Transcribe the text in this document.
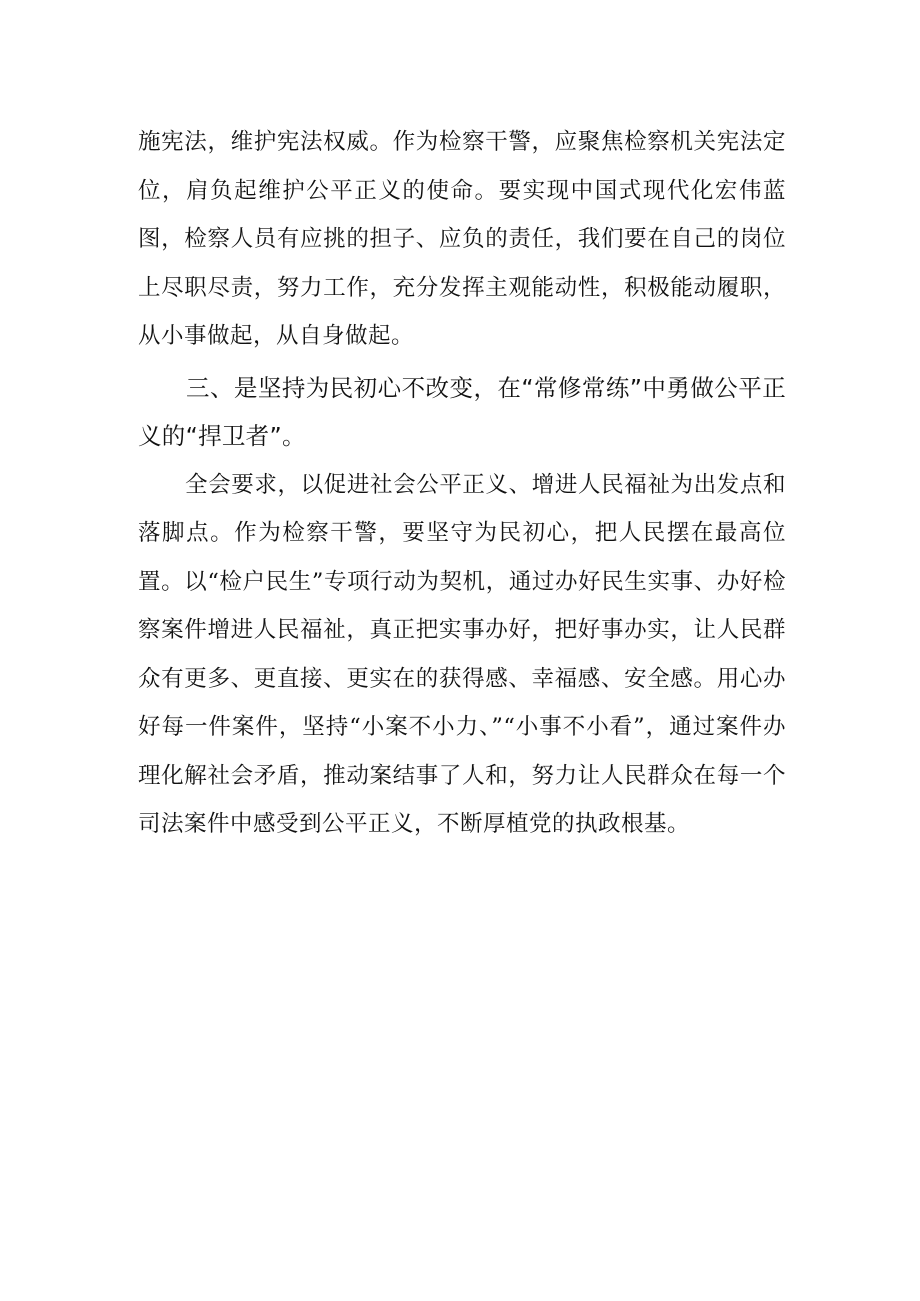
施宪法，维护宪法权威。作为检察干警，应聚焦检察机关宪法定位，肩负起维护公平正义的使命。要实现中国式现代化宏伟蓝图，检察人员有应挑的担子、应负的责任，我们要在自己的岗位上尽职尽责，努力工作，充分发挥主观能动性，积极能动履职，从小事做起，从自身做起。

三、是坚持为民初心不改变，在“常修常练”中勇做公平正义的“捍卫者”。

全会要求，以促进社会公平正义、增进人民福祉为出发点和落脚点。作为检察干警，要坚守为民初心，把人民摆在最高位置。以“检户民生”专项行动为契机，通过办好民生实事、办好检察案件增进人民福祉，真正把实事办好，把好事办实，让人民群众有更多、更直接、更实在的获得感、幸福感、安全感。用心办好每一件案件，坚持“小案不小力、”“小事不小看”，通过案件办理化解社会矛盾，推动案结事了人和，努力让人民群众在每一个司法案件中感受到公平正义，不断厚植党的执政根基。
